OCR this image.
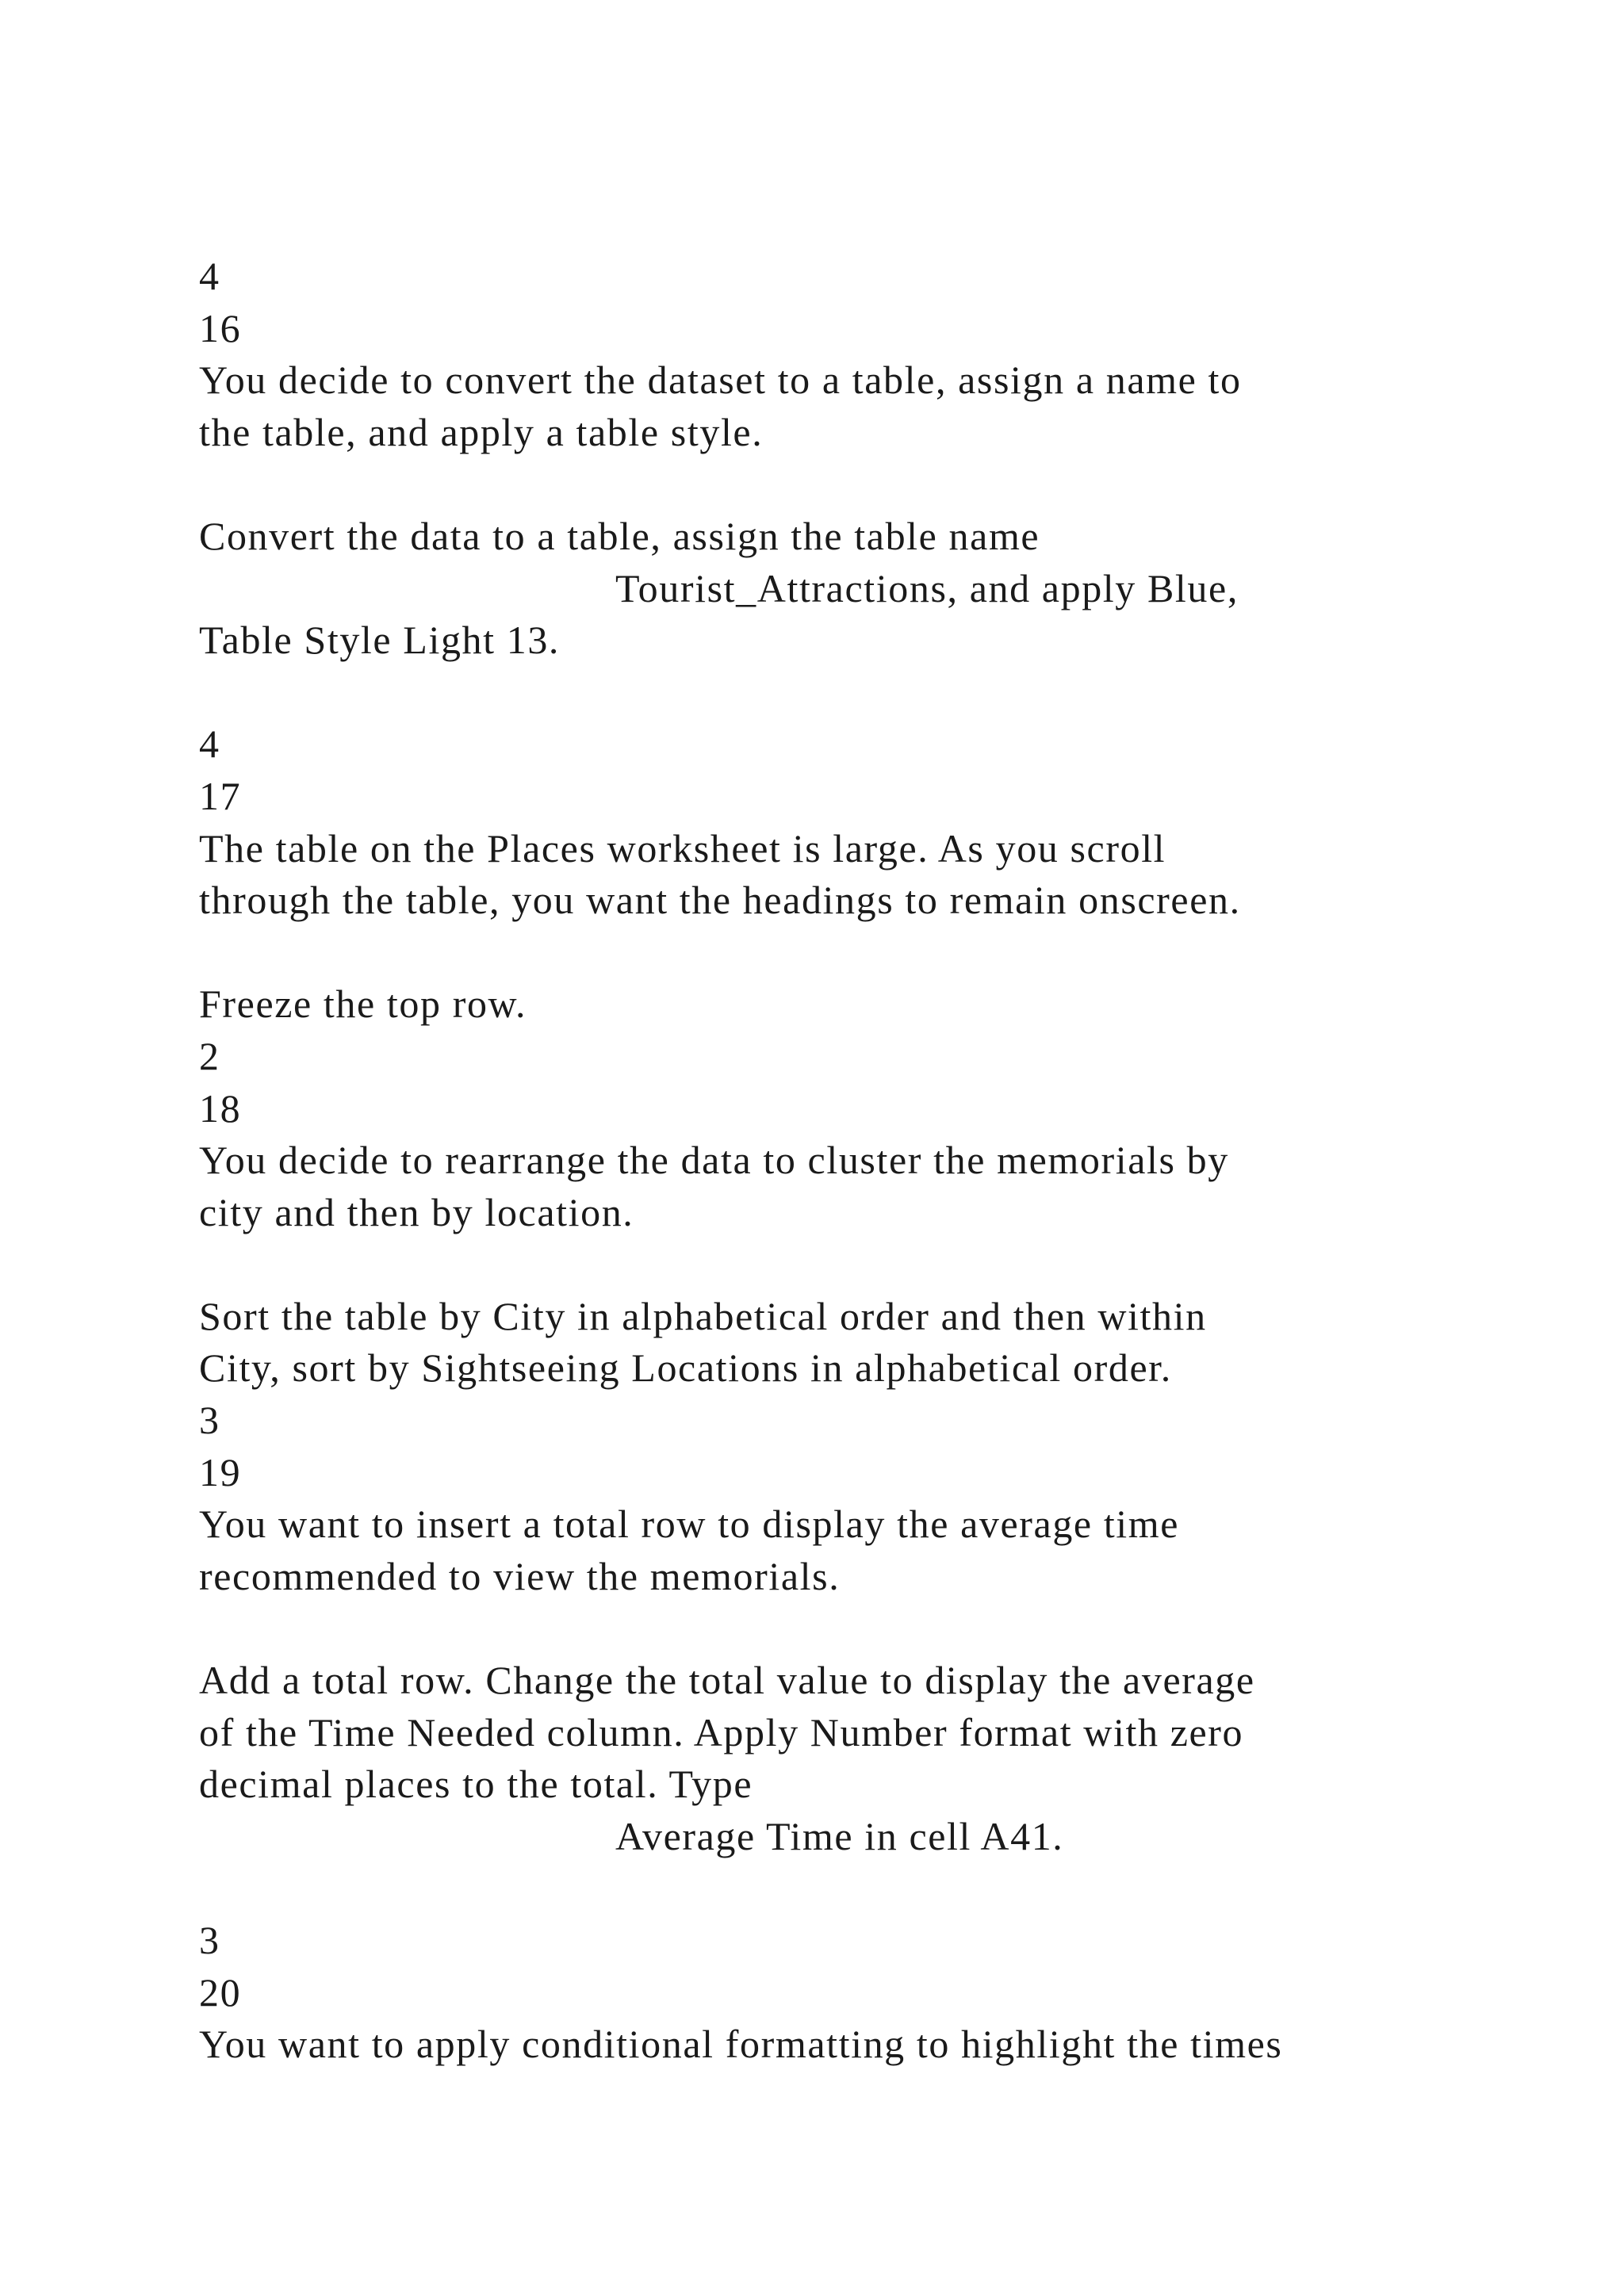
4
16
You decide to convert the dataset to a table, assign a name to
the table, and apply a table style.
Convert the data to a table, assign the table name
Tourist_Attractions, and apply Blue,
Table Style Light 13.
4
17
The table on the Places worksheet is large. As you scroll
through the table, you want the headings to remain onscreen.
Freeze the top row.
2
18
You decide to rearrange the data to cluster the memorials by
city and then by location.
Sort the table by City in alphabetical order and then within
City, sort by Sightseeing Locations in alphabetical order.
3
19
You want to insert a total row to display the average time
recommended to view the memorials.
Add a total row. Change the total value to display the average
of the Time Needed column. Apply Number format with zero
decimal places to the total. Type
Average Time in cell A41.
3
20
You want to apply conditional formatting to highlight the times
